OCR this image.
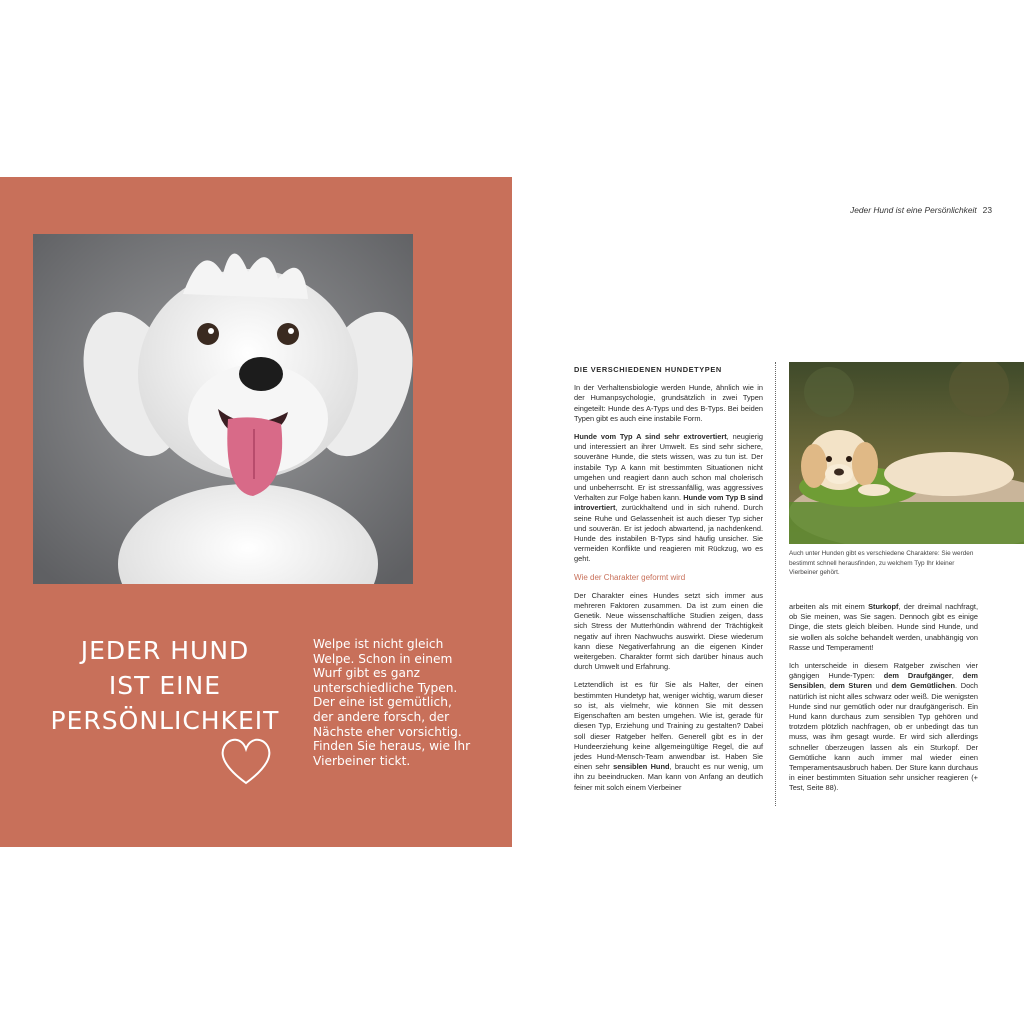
JEDER HUND
IST EINE
PERSÖNLICHKEIT

Welpe ist nicht gleich Welpe. Schon in einem Wurf gibt es ganz unterschiedliche Typen. Der eine ist gemütlich, der andere forsch, der Nächste eher vorsichtig. Finden Sie heraus, wie Ihr Vierbeiner tickt.

Jeder Hund ist eine Persönlichkeit 23

DIE VERSCHIEDENEN HUNDETYPEN

In der Verhaltensbiologie werden Hunde, ähnlich wie in der Humanpsychologie, grundsätzlich in zwei Typen eingeteilt: Hunde des A-Typs und des B-Typs. Bei beiden Typen gibt es auch eine instabile Form.

Hunde vom Typ A sind sehr extrovertiert, neugierig und interessiert an ihrer Umwelt. Es sind sehr sichere, souveräne Hunde, die stets wissen, was zu tun ist. Der instabile Typ A kann mit bestimmten Situationen nicht umgehen und reagiert dann auch schon mal cholerisch und unbeherrscht. Er ist stressanfällig, was aggressives Verhalten zur Folge haben kann. Hunde vom Typ B sind introvertiert, zurückhaltend und in sich ruhend. Durch seine Ruhe und Gelassenheit ist auch dieser Typ sicher und souverän. Er ist jedoch abwartend, ja nachdenkend. Hunde des instabilen B-Typs sind häufig unsicher. Sie vermeiden Konflikte und reagieren mit Rückzug, wo es geht.

Wie der Charakter geformt wird

Der Charakter eines Hundes setzt sich immer aus mehreren Faktoren zusammen. Da ist zum einen die Genetik. Neue wissenschaftliche Studien zeigen, dass sich Stress der Mutterhündin während der Trächtigkeit negativ auf ihren Nachwuchs auswirkt. Diese wiederum kann diese Negativerfahrung an die eigenen Kinder weitergeben. Charakter formt sich darüber hinaus auch durch Umwelt und Erfahrung.

Letztendlich ist es für Sie als Halter, der einen bestimmten Hundetyp hat, weniger wichtig, warum dieser so ist, als vielmehr, wie können Sie mit dessen Eigenschaften am besten umgehen. Wie ist, gerade für diesen Typ, Erziehung und Training zu gestalten? Dabei soll dieser Ratgeber helfen. Generell gibt es in der Hundeerziehung keine allgemeingültige Regel, die auf jedes Hund-Mensch-Team anwendbar ist. Haben Sie einen sehr sensiblen Hund, braucht es nur wenig, um ihn zu beeindrucken. Man kann von Anfang an deutlich feiner mit solch einem Vierbeiner

Auch unter Hunden gibt es verschiedene Charaktere: Sie werden bestimmt schnell herausfinden, zu welchem Typ Ihr kleiner Vierbeiner gehört.

arbeiten als mit einem Sturkopf, der dreimal nachfragt, ob Sie meinen, was Sie sagen. Dennoch gibt es einige Dinge, die stets gleich bleiben. Hunde sind Hunde, und sie wollen als solche behandelt werden, unabhängig von Rasse und Temperament!

Ich unterscheide in diesem Ratgeber zwischen vier gängigen Hunde-Typen: dem Draufgänger, dem Sensiblen, dem Sturen und dem Gemütlichen. Doch natürlich ist nicht alles schwarz oder weiß. Die wenigsten Hunde sind nur gemütlich oder nur draufgängerisch. Ein Hund kann durchaus zum sensiblen Typ gehören und trotzdem plötzlich nachfragen, ob er unbedingt das tun muss, was ihm gesagt wurde. Er wird sich allerdings schneller überzeugen lassen als ein Sturkopf. Der Gemütliche kann auch immer mal wieder einen Temperamentsausbruch haben. Der Sture kann durchaus in einer bestimmten Situation sehr unsicher reagieren (+ Test, Seite 88).
